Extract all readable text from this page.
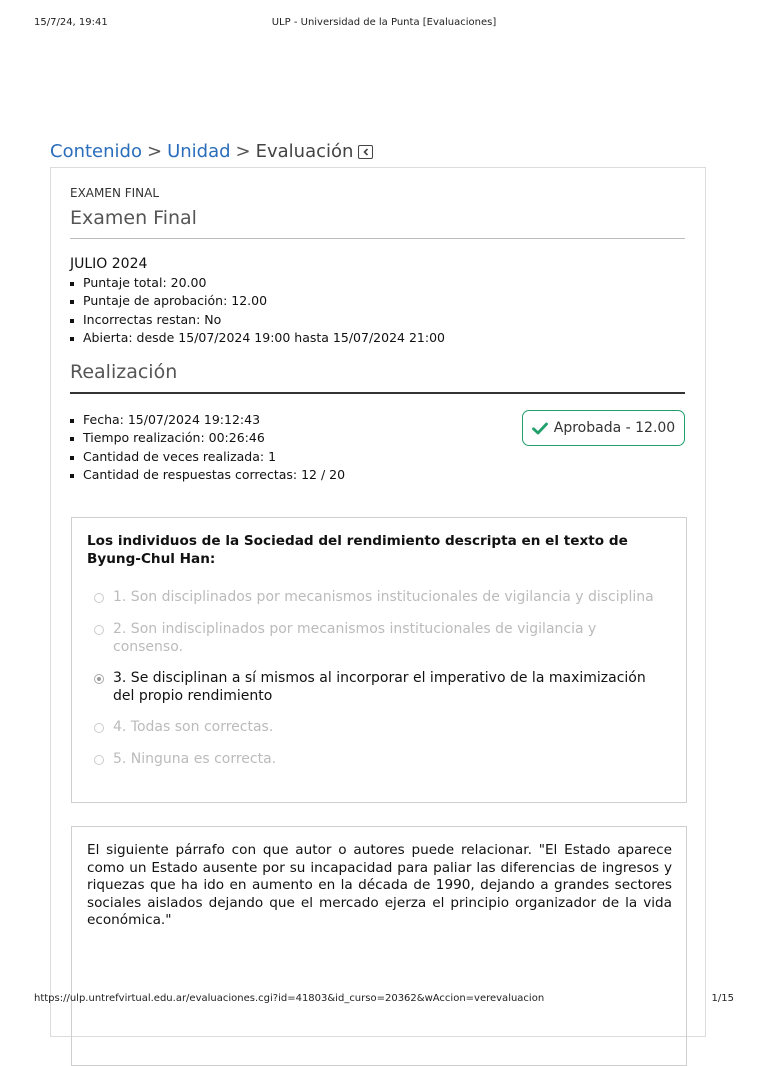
15/7/24, 19:41	ULP - Universidad de la Punta [Evaluaciones]
Contenido > Unidad > Evaluación
EXAMEN FINAL
Examen Final
JULIO 2024
Puntaje total: 20.00
Puntaje de aprobación: 12.00
Incorrectas restan: No
Abierta: desde 15/07/2024 19:00 hasta 15/07/2024 21:00
Realización
Fecha: 15/07/2024 19:12:43
Tiempo realización: 00:26:46
Cantidad de veces realizada: 1
Cantidad de respuestas correctas: 12 / 20
Aprobada - 12.00
Los individuos de la Sociedad del rendimiento descripta en el texto de Byung-Chul Han:
1. Son disciplinados por mecanismos institucionales de vigilancia y disciplina
2. Son indisciplinados por mecanismos institucionales de vigilancia y consenso.
3. Se disciplinan a sí mismos al incorporar el imperativo de la maximización del propio rendimiento
4. Todas son correctas.
5. Ninguna es correcta.
El siguiente párrafo con que autor o autores puede relacionar. "El Estado aparece como un Estado ausente por su incapacidad para paliar las diferencias de ingresos y riquezas que ha ido en aumento en la década de 1990, dejando a grandes sectores sociales aislados dejando que el mercado ejerza el principio organizador de la vida económica."
https://ulp.untrefvirtual.edu.ar/evaluaciones.cgi?id=41803&id_curso=20362&wAccion=verevaluacion	1/15
